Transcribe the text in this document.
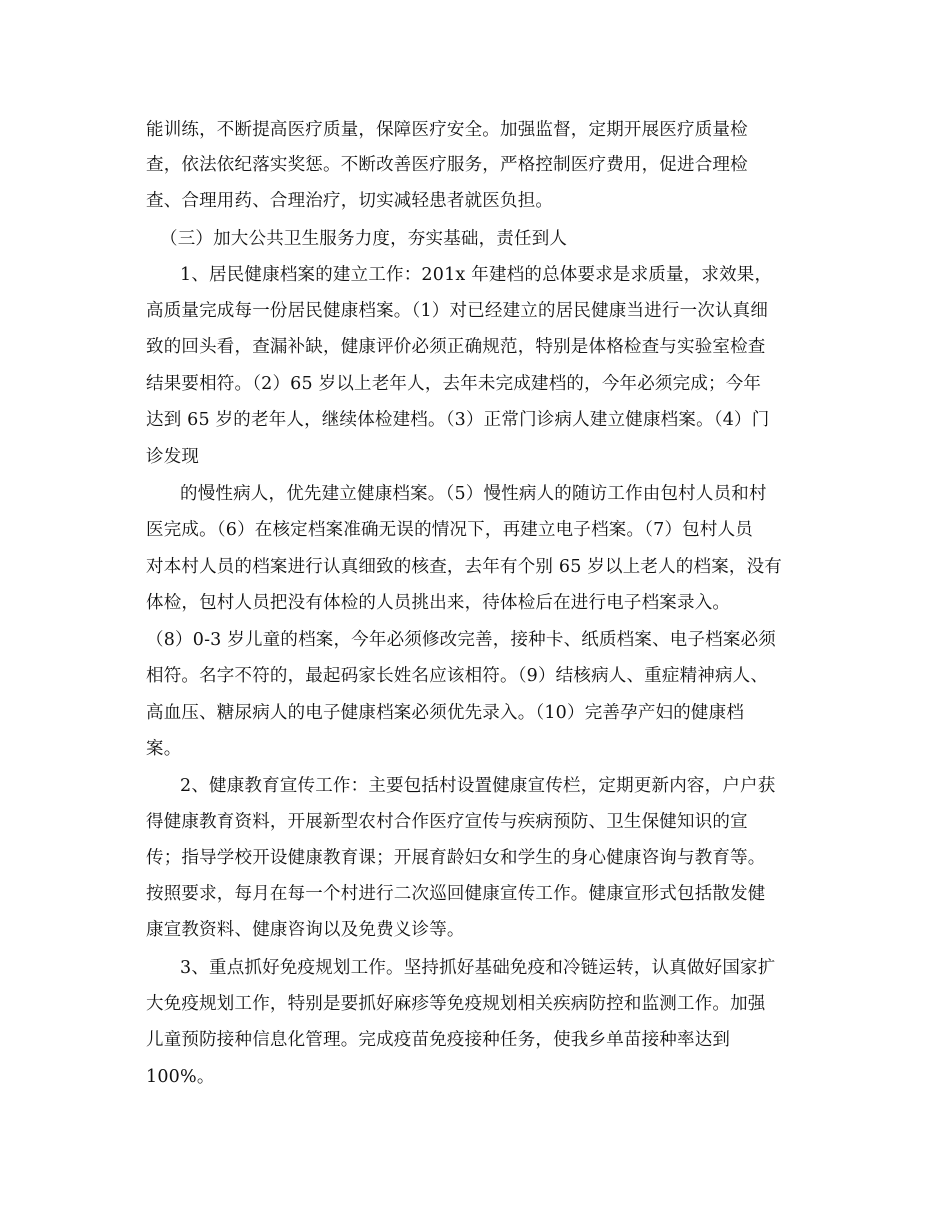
能训练，不断提高医疗质量，保障医疗安全。加强监督，定期开展医疗质量检
查，依法依纪落实奖惩。不断改善医疗服务，严格控制医疗费用，促进合理检
查、合理用药、合理治疗，切实减轻患者就医负担。
（三）加大公共卫生服务力度，夯实基础，责任到人
1、居民健康档案的建立工作：201x 年建档的总体要求是求质量，求效果，
高质量完成每一份居民健康档案。（1）对已经建立的居民健康当进行一次认真细
致的回头看，查漏补缺，健康评价必须正确规范，特别是体格检查与实验室检查
结果要相符。（2）65 岁以上老年人，去年未完成建档的，今年必须完成；今年
达到 65 岁的老年人，继续体检建档。（3）正常门诊病人建立健康档案。（4）门
诊发现
的慢性病人，优先建立健康档案。（5）慢性病人的随访工作由包村人员和村
医完成。（6）在核定档案准确无误的情况下，再建立电子档案。（7）包村人员
对本村人员的档案进行认真细致的核查，去年有个别 65 岁以上老人的档案，没有
体检，包村人员把没有体检的人员挑出来，待体检后在进行电子档案录入。
（8）0-3 岁儿童的档案，今年必须修改完善，接种卡、纸质档案、电子档案必须
相符。名字不符的，最起码家长姓名应该相符。（9）结核病人、重症精神病人、
高血压、糖尿病人的电子健康档案必须优先录入。（10）完善孕产妇的健康档
案。
2、健康教育宣传工作：主要包括村设置健康宣传栏，定期更新内容，户户获
得健康教育资料，开展新型农村合作医疗宣传与疾病预防、卫生保健知识的宣
传；指导学校开设健康教育课；开展育龄妇女和学生的身心健康咨询与教育等。
按照要求，每月在每一个村进行二次巡回健康宣传工作。健康宣形式包括散发健
康宣教资料、健康咨询以及免费义诊等。
3、重点抓好免疫规划工作。坚持抓好基础免疫和冷链运转，认真做好国家扩
大免疫规划工作，特别是要抓好麻疹等免疫规划相关疾病防控和监测工作。加强
儿童预防接种信息化管理。完成疫苗免疫接种任务，使我乡单苗接种率达到
100%。
